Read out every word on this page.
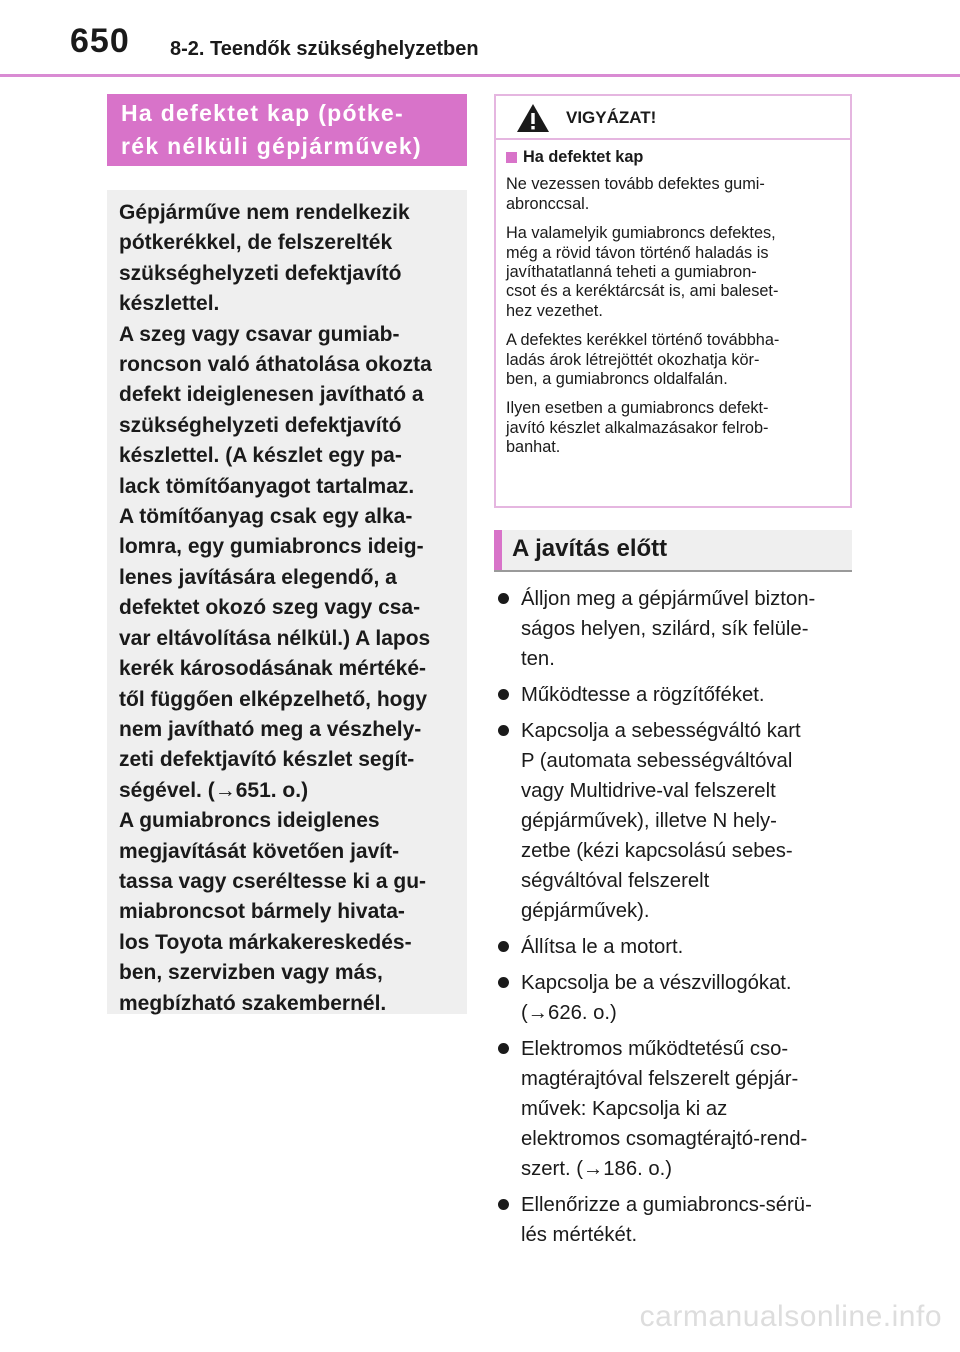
650 8-2. Teendők szükséghelyzetben
Ha defektet kap (pótke-
rék nélküli gépjárművek)
Gépjárműve nem rendelkezik
pótkerékkel, de felszerelték
szükséghelyzeti defektjavító
készlettel.
A szeg vagy csavar gumiab-
roncson való áthatolása okozta
defekt ideiglenesen javítható a
szükséghelyzeti defektjavító
készlettel. (A készlet egy pa-
lack tömítőanyagot tartalmaz.
A tömítőanyag csak egy alka-
lomra, egy gumiabroncs ideig-
lenes javítására elegendő, a
defektet okozó szeg vagy csa-
var eltávolítása nélkül.) A lapos
kerék károsodásának mértéké-
től függően elképzelhető, hogy
nem javítható meg a vészhely-
zeti defektjavító készlet segít-
ségével. (→651. o.)
A gumiabroncs ideiglenes
megjavítását követően javít-
tassa vagy cseréltesse ki a gu-
miabroncsot bármely hivata-
los Toyota márkakereskedés-
ben, szervizben vagy más,
megbízható szakembernél.
VIGYÁZAT!
Ha defektet kap
Ne vezessen tovább defektes gumi-
abronccsal.
Ha valamelyik gumiabroncs defektes,
még a rövid távon történő haladás is
javíthatatlanná teheti a gumiabron-
csot és a keréktárcsát is, ami baleset-
hez vezethet.
A defektes kerékkel történő továbbha-
ladás árok létrejöttét okozhatja kör-
ben, a gumiabroncs oldalfalán.
Ilyen esetben a gumiabroncs defekt-
javító készlet alkalmazásakor felrob-
banhat.
A javítás előtt
Álljon meg a gépjárművel bizton-
ságos helyen, szilárd, sík felüle-
ten.
Működtesse a rögzítőféket.
Kapcsolja a sebességváltó kart
P (automata sebességváltóval
vagy Multidrive-val felszerelt
gépjárművek), illetve N hely-
zetbe (kézi kapcsolású sebes-
ségváltóval felszerelt
gépjárművek).
Állítsa le a motort.
Kapcsolja be a vészvillogókat.
(→626. o.)
Elektromos működtetésű cso-
magtérajtóval felszerelt gépjár-
művek: Kapcsolja ki az
elektromos csomagtérajtó-rend-
szert. (→186. o.)
Ellenőrizze a gumiabroncs-sérü-
lés mértékét.
carmanualsonline.info
